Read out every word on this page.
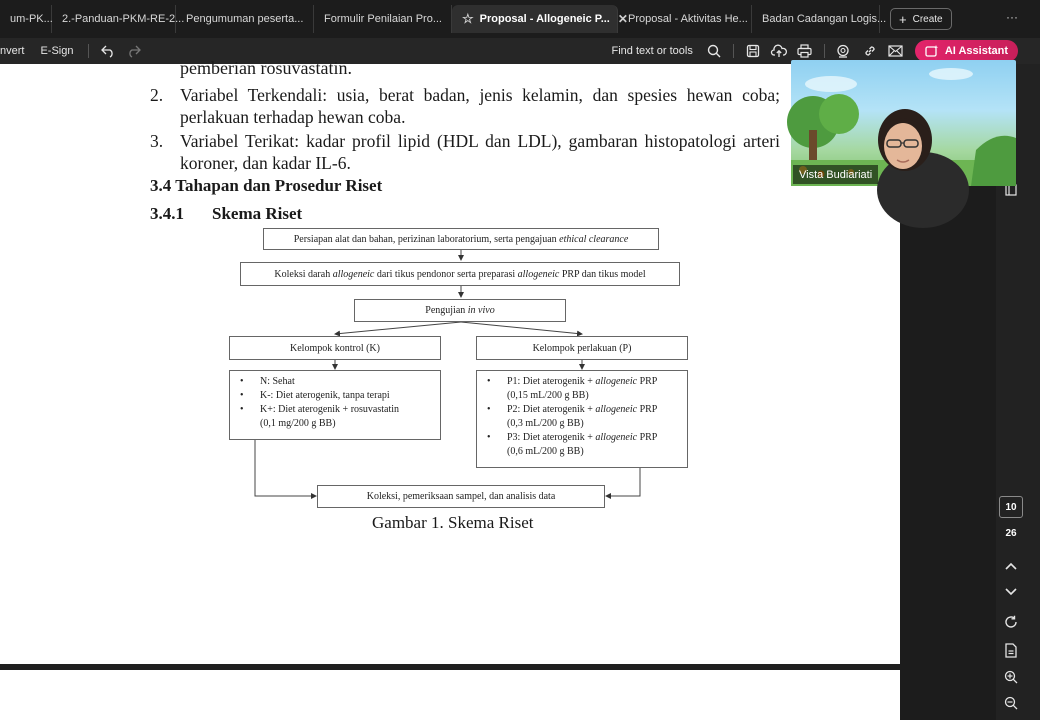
um-PK... 2.-Panduan-PKM-RE-2... Pengumuman peserta... Formulir Penilaian Pro... ☆ Proposal - Allogeneic P... ✕ Proposal - Aktivitas He... Badan Cadangan Logis... + Create	···
nvert	E-Sign	Find text or tools	AI Assistant
pemberian rosuvastatin.
2. Variabel Terkendali: usia, berat badan, jenis kelamin, dan spesies hewan coba; perlakuan terhadap hewan coba.
3. Variabel Terikat: kadar profil lipid (HDL dan LDL), gambaran histopatologi arteri koroner, dan kadar IL-6.
3.4 Tahapan dan Prosedur Riset
3.4.1 Skema Riset
Persiapan alat dan bahan, perizinan laboratorium, serta pengajuan ethical clearance
Koleksi darah allogeneic dari tikus pendonor serta preparasi allogeneic PRP dan tikus model
Pengujian in vivo
Kelompok kontrol (K)	Kelompok perlakuan (P)
• N: Sehat
• K-: Diet aterogenik, tanpa terapi
• K+: Diet aterogenik + rosuvastatin
(0,1 mg/200 g BB)
• P1: Diet aterogenik + allogeneic PRP
(0,15 mL/200 g BB)
• P2: Diet aterogenik + allogeneic PRP
(0,3 mL/200 g BB)
• P3: Diet aterogenik + allogeneic PRP
(0,6 mL/200 g BB)
Koleksi, pemeriksaan sampel, dan analisis data
Gambar 1. Skema Riset
10
26
Vista Budiariati
